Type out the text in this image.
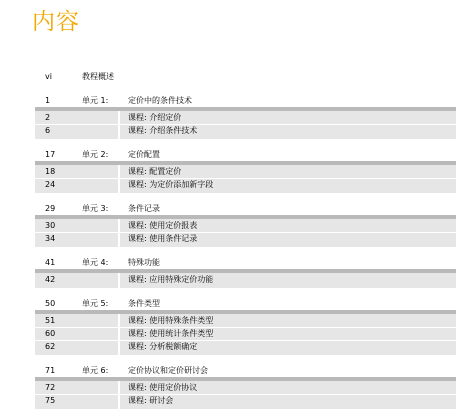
内容
vi	教程概述
1	单元 1: 定价中的条件技术
2	课程: 介绍定价
6	课程: 介绍条件技术
17	单元 2: 定价配置
18	课程: 配置定价
24	课程: 为定价添加新字段
29	单元 3: 条件记录
30	课程: 使用定价报表
34	课程: 使用条件记录
41	单元 4: 特殊功能
42	课程: 应用特殊定价功能
50	单元 5: 条件类型
51	课程: 使用特殊条件类型
60	课程: 使用统计条件类型
62	课程: 分析税额确定
71	单元 6: 定价协议和定价研讨会
72	课程: 使用定价协议
75	课程: 研讨会
